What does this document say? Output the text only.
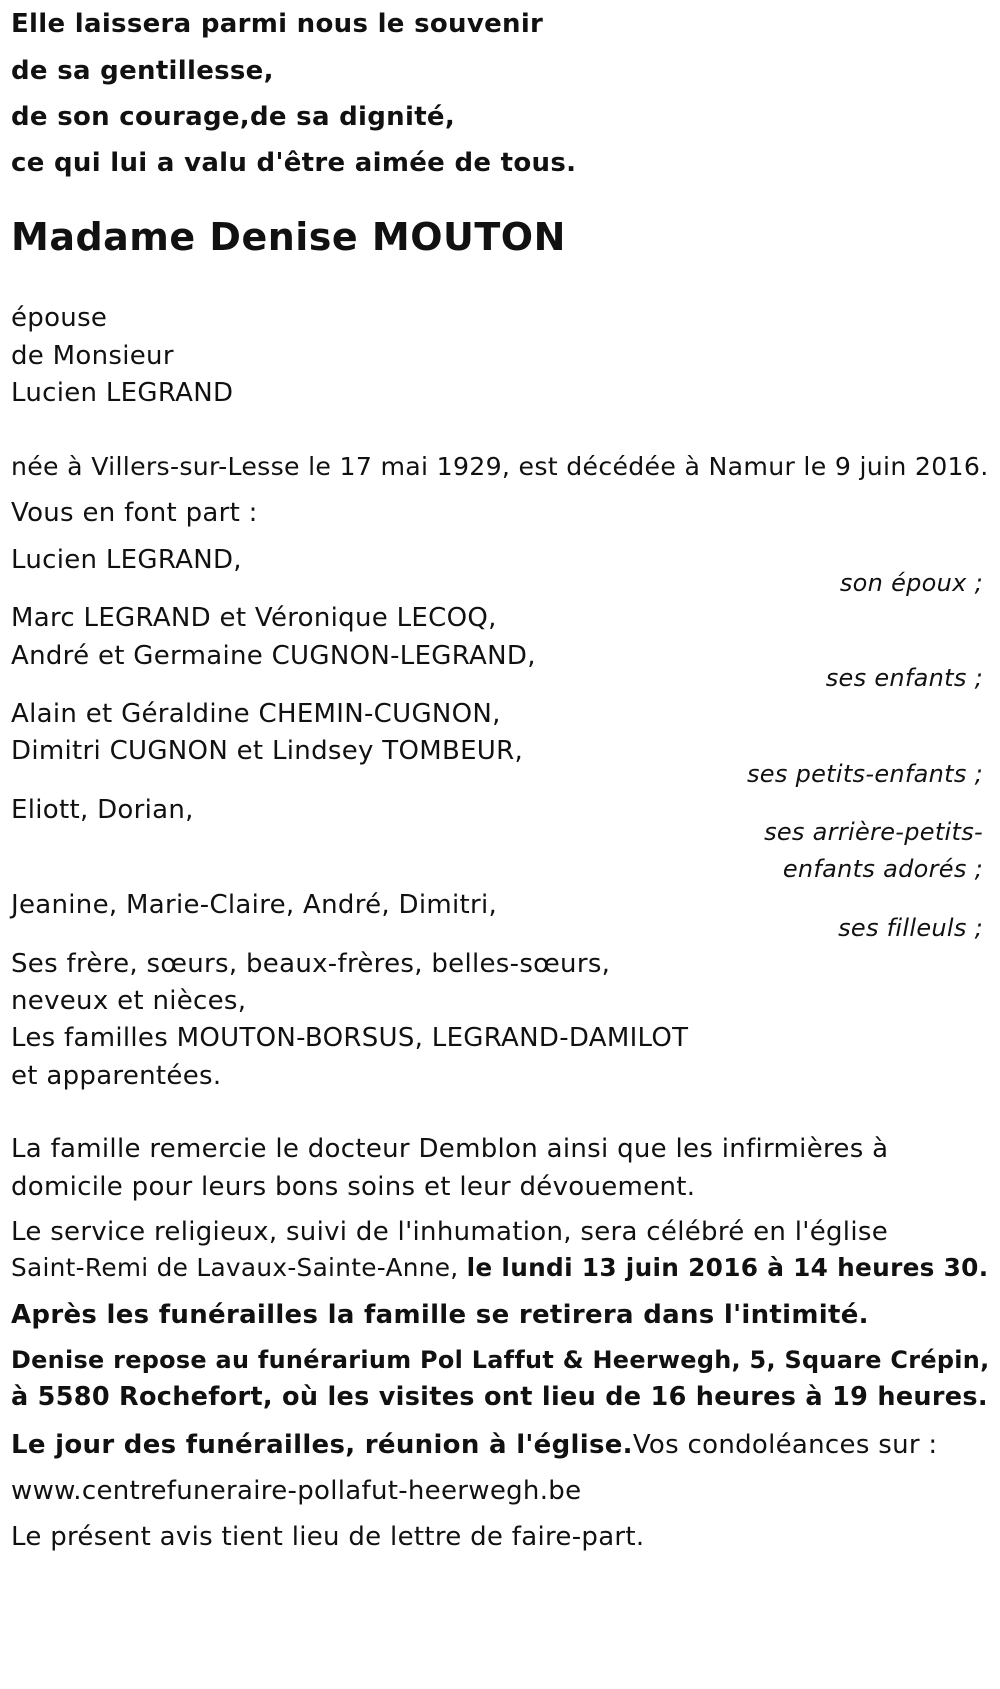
Elle laissera parmi nous le souvenir

de sa gentillesse,

de son courage,de sa dignité,

ce qui lui a valu d'être aimée de tous.

Madame Denise MOUTON

épouse

de Monsieur

Lucien LEGRAND

née à Villers-sur-Lesse le 17 mai 1929, est décédée à Namur le 9 juin 2016.

Vous en font part :

Lucien LEGRAND,

son époux ;

Marc LEGRAND et Véronique LECOQ,

André et Germaine CUGNON-LEGRAND,

ses enfants ;

Alain et Géraldine CHEMIN-CUGNON,

Dimitri CUGNON et Lindsey TOMBEUR,

ses petits-enfants ;

Eliott, Dorian,

ses arrière-petits-

enfants adorés ;

Jeanine, Marie-Claire, André, Dimitri,

ses filleuls ;

Ses frère, sœurs, beaux-frères, belles-sœurs,

neveux et nièces,

Les familles MOUTON-BORSUS, LEGRAND-DAMILOT

et apparentées.

La famille remercie le docteur Demblon ainsi que les infirmières à

domicile pour leurs bons soins et leur dévouement.

Le service religieux, suivi de l'inhumation, sera célébré en l'église

Saint-Remi de Lavaux-Sainte-Anne, le lundi 13 juin 2016 à 14 heures 30.

Après les funérailles la famille se retirera dans l'intimité.

Denise repose au funérarium Pol Laffut & Heerwegh, 5, Square Crépin,

à 5580 Rochefort, où les visites ont lieu de 16 heures à 19 heures.

Le jour des funérailles, réunion à l'église.Vos condoléances sur :

www.centrefuneraire-pollafut-heerwegh.be

Le présent avis tient lieu de lettre de faire-part.
